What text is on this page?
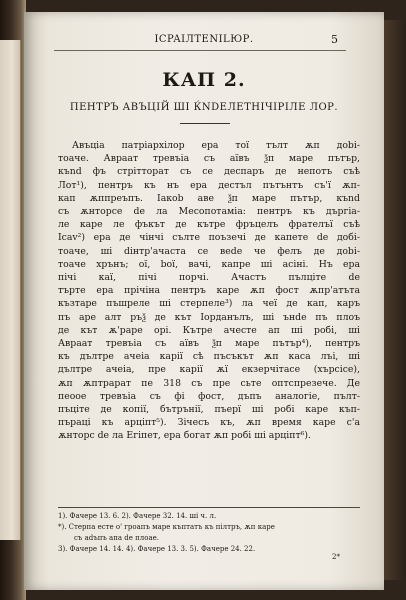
ICPAIЛTENILЮР.	5
КАП 2.
ПЕНТРЪ АВЪЦІЙ ШІ ЌNDЕЛЕТНІЧІРІЛЕ ЛОР.
Авъціа патріархілор ера тої тълт ѫп доbі-
тоаче. Авраат тревъіа съ аївъ ѯп маре пътър,
къnd фъ стрітторат съ се деспаръ де непотъ съѣ
Лот¹), пентръ къ нъ ера дестъл пътънтъ съ'ї ѫп-
кап ѫппреъпъ. Іакоb аве ѯп маре пътър, къnd
съ ѫнторсе de ла Месопотаміа: пентръ къ дъргіа-
ле каре ле фъкът де кътре фръцелъ фрателъї съѣ
Ісаv²) ера де чінчі сълте поъзечі де капете de добі-
тоаче, шi dінтр'ачаста се веdе че фелъ де доbі-
тоаче хрънъ; ої, boї, вачі, капре ші асіні. Нъ ера
пічі каї, пічі порчі. Ачастъ пълціте de
търте ера прічіна пентръ каре ѫп фост ѫпр'атъта
къзтаре пъшреле ші стерпеле³) ла чеї де кап, каръ
пъ аре алт ръѯ де кът Іорданълъ, ші ънdе пъ плоъ
де кът ѫ'раре орі. Кътре ачесте ап ші робі, ші
Авраат тревъіа съ аївъ ѯп маре пътър⁴), пентръ
къ дълтре ачеіа карії сѣ пъсъкът ѫп каса лъі, ші
дълтре ачеіа, пре карії ѫї екзерчітасе (хърсісе),
ѫп ѫптрарат пе 318 съ пре сьте оптспрезече. Де
пеоое тревъіа съ фі фост, дъпъ аналогіе, пълт-
пъціте де копії, бътрънії, пъерї ші робі каре къп-
пъраці къ арціпт⁵). Зічесъ къ, ѫп время каре с'а
ѫнторс de ла Егіпет, ера богат ѫп робі ші арціпт⁶).
1). Фачере 13. 6. 2). Фачере 32. 14. ші ч. л.
*). Стерпа есте о' гроапъ маре къптатъ къ пілтръ, ѫп каре
съ adъпъ апа de плоае.
3). Фачере 14. 14. 4). Фачере 13. 3. 5). Фачере 24. 22.
2*
